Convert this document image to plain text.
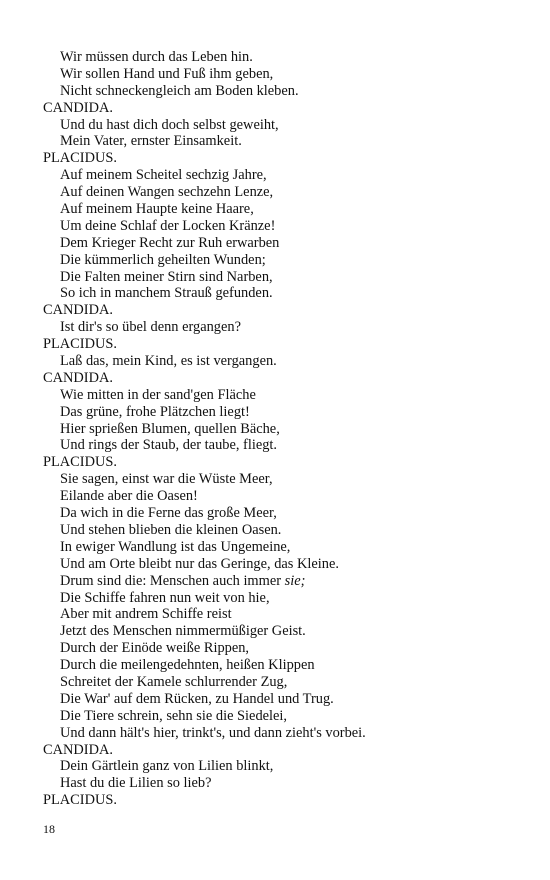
Wir müssen durch das Leben hin.
Wir sollen Hand und Fuß ihm geben,
Nicht schneckengleich am Boden kleben.
CANDIDA.
Und du hast dich doch selbst geweiht,
Mein Vater, ernster Einsamkeit.
PLACIDUS.
Auf meinem Scheitel sechzig Jahre,
Auf deinen Wangen sechzehn Lenze,
Auf meinem Haupte keine Haare,
Um deine Schlaf der Locken Kränze!
Dem Krieger Recht zur Ruh erwarben
Die kümmerlich geheilten Wunden;
Die Falten meiner Stirn sind Narben,
So ich in manchem Strauß gefunden.
CANDIDA.
Ist dir's so übel denn ergangen?
PLACIDUS.
Laß das, mein Kind, es ist vergangen.
CANDIDA.
Wie mitten in der sand'gen Fläche
Das grüne, frohe Plätzchen liegt!
Hier sprießen Blumen, quellen Bäche,
Und rings der Staub, der taube, fliegt.
PLACIDUS.
Sie sagen, einst war die Wüste Meer,
Eilande aber die Oasen!
Da wich in die Ferne das große Meer,
Und stehen blieben die kleinen Oasen.
In ewiger Wandlung ist das Ungemeine,
Und am Orte bleibt nur das Geringe, das Kleine.
Drum sind die: Menschen auch immer sie;
Die Schiffe fahren nun weit von hie,
Aber mit andrem Schiffe reist
Jetzt des Menschen nimmermüßiger Geist.
Durch der Einöde weiße Rippen,
Durch die meilengedehnten, heißen Klippen
Schreitet der Kamele schlurrender Zug,
Die War' auf dem Rücken, zu Handel und Trug.
Die Tiere schrein, sehn sie die Siedelei,
Und dann hält's hier, trinkt's, und dann zieht's vorbei.
CANDIDA.
Dein Gärtlein ganz von Lilien blinkt,
Hast du die Lilien so lieb?
PLACIDUS.
18
